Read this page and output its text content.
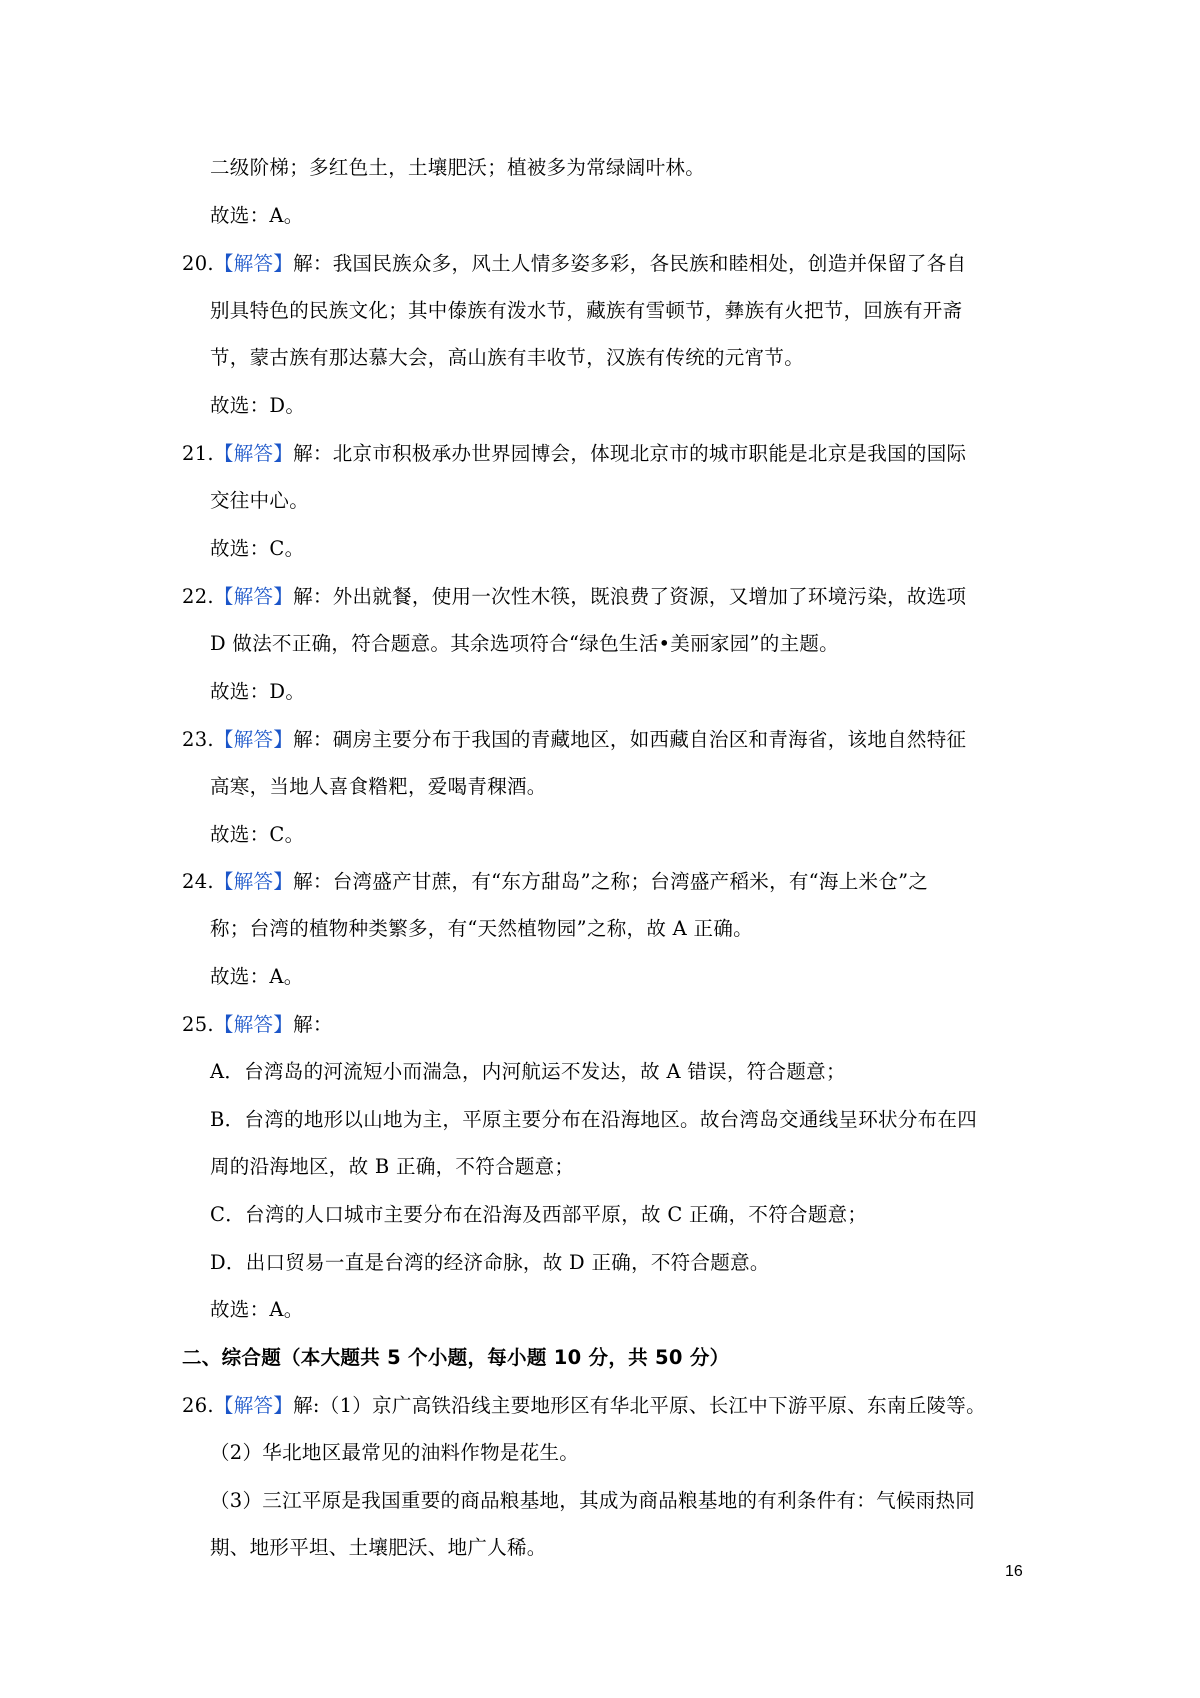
二级阶梯；多红色土，土壤肥沃；植被多为常绿阔叶林。
故选：A。
20.【解答】解：我国民族众多，风土人情多姿多彩，各民族和睦相处，创造并保留了各自
别具特色的民族文化；其中傣族有泼水节，藏族有雪顿节，彝族有火把节，回族有开斋
节，蒙古族有那达慕大会，高山族有丰收节，汉族有传统的元宵节。
故选：D。
21.【解答】解：北京市积极承办世界园博会，体现北京市的城市职能是北京是我国的国际
交往中心。
故选：C。
22.【解答】解：外出就餐，使用一次性木筷，既浪费了资源，又增加了环境污染，故选项
D 做法不正确，符合题意。其余选项符合“绿色生活•美丽家园”的主题。
故选：D。
23.【解答】解：碉房主要分布于我国的青藏地区，如西藏自治区和青海省，该地自然特征
高寒，当地人喜食糌粑，爱喝青稞酒。
故选：C。
24.【解答】解：台湾盛产甘蔗，有“东方甜岛”之称；台湾盛产稻米，有“海上米仓”之
称；台湾的植物种类繁多，有“天然植物园”之称，故 A 正确。
故选：A。
25.【解答】解：
A．台湾岛的河流短小而湍急，内河航运不发达，故 A 错误，符合题意；
B．台湾的地形以山地为主，平原主要分布在沿海地区。故台湾岛交通线呈环状分布在四
周的沿海地区，故 B 正确，不符合题意；
C．台湾的人口城市主要分布在沿海及西部平原，故 C 正确，不符合题意；
D．出口贸易一直是台湾的经济命脉，故 D 正确，不符合题意。
故选：A。
二、综合题（本大题共 5 个小题，每小题 10 分，共 50 分）
26.【解答】解:（1）京广高铁沿线主要地形区有华北平原、长江中下游平原、东南丘陵等。
（2）华北地区最常见的油料作物是花生。
（3）三江平原是我国重要的商品粮基地，其成为商品粮基地的有利条件有：气候雨热同
期、地形平坦、土壤肥沃、地广人稀。
16
